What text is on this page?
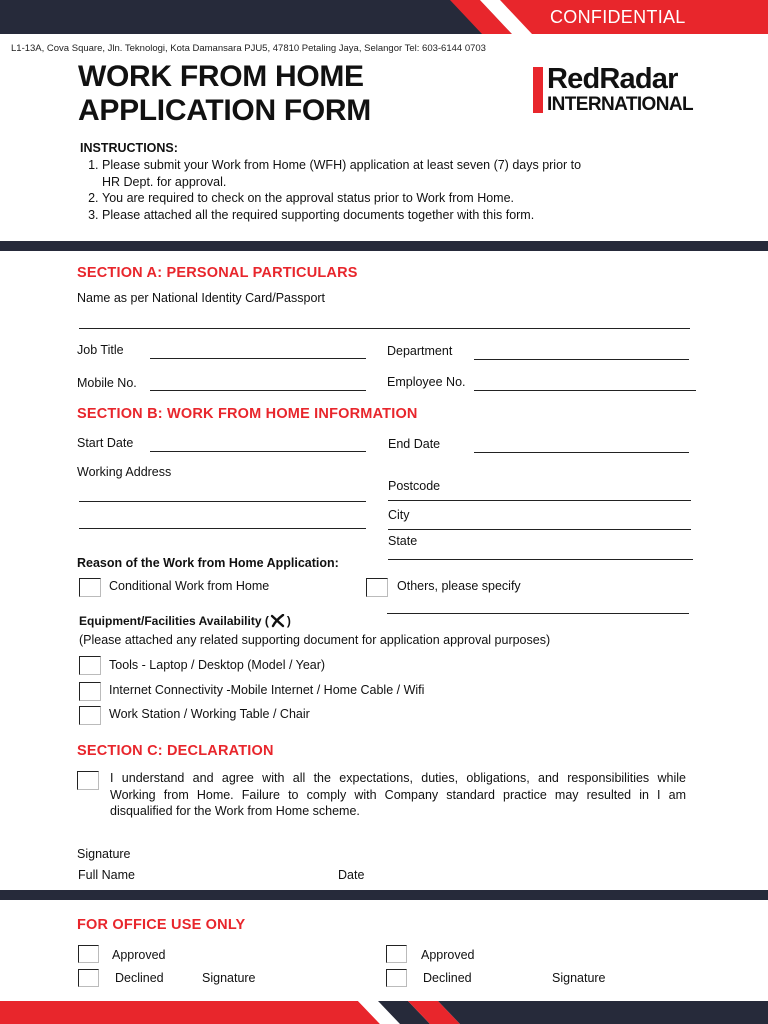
CONFIDENTIAL
L1-13A, Cova Square, Jln. Teknologi, Kota Damansara PJU5, 47810 Petaling Jaya, Selangor Tel: 603-6144 0703
WORK FROM HOME
APPLICATION FORM
RedRadar
INTERNATIONAL
INSTRUCTIONS:
1. Please submit your Work from Home (WFH) application at least seven (7) days prior to HR Dept. for approval.
2. You are required to check on the approval status prior to Work from Home.
3. Please attached all the required supporting documents together with this form.
SECTION A: PERSONAL PARTICULARS
Name as per National Identity Card/Passport
Job Title	Department
Mobile No.	Employee No.
SECTION B: WORK FROM HOME INFORMATION
Start Date	End Date
Working Address
Postcode
City
State
Reason of the Work from Home Application:
Conditional Work from Home	Others, please specify
Equipment/Facilities Availability ( )
(Please attached any related supporting document for application approval purposes)
Tools - Laptop / Desktop (Model / Year)
Internet Connectivity -Mobile Internet / Home Cable / Wifi
Work Station / Working Table / Chair
SECTION C: DECLARATION
I understand and agree with all the expectations, duties, obligations, and responsibilities while
Working from Home. Failure to comply with Company standard practice may resulted in I am
disqualified for the Work from Home scheme.
Signature
Full Name	Date
FOR OFFICE USE ONLY
Approved
Declined	Signature
Approved
Declined	Signature
